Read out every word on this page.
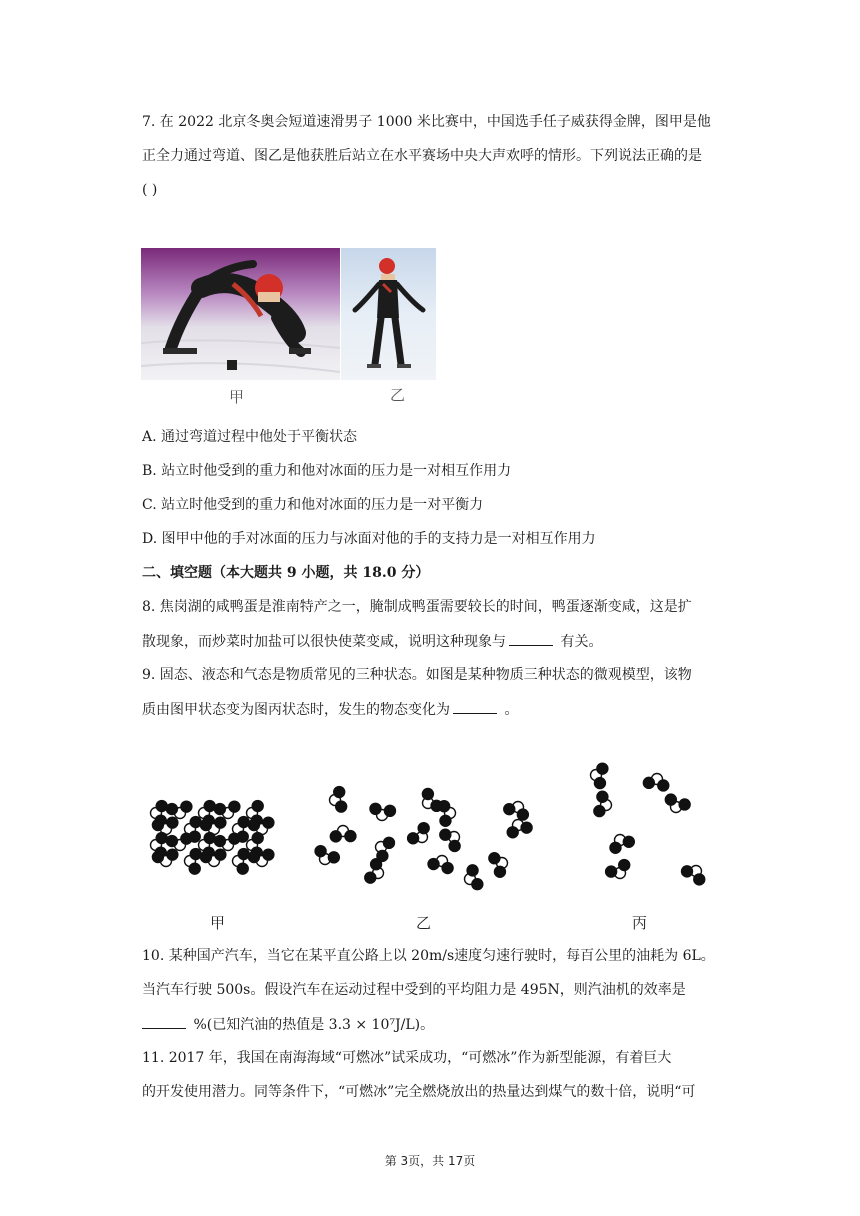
7. 在 2022 北京冬奥会短道速滑男子 1000 米比赛中，中国选手任子威获得金牌，图甲是他
正全力通过弯道、图乙是他获胜后站立在水平赛场中央大声欢呼的情形。下列说法正确的是
( )
甲	乙
A. 通过弯道过程中他处于平衡状态
B. 站立时他受到的重力和他对冰面的压力是一对相互作用力
C. 站立时他受到的重力和他对冰面的压力是一对平衡力
D. 图甲中他的手对冰面的压力与冰面对他的手的支持力是一对相互作用力
二、填空题（本大题共 9 小题，共 18.0 分）
8. 焦岗湖的咸鸭蛋是淮南特产之一，腌制成鸭蛋需要较长的时间，鸭蛋逐渐变咸，这是扩
散现象，而炒菜时加盐可以很快使菜变咸，说明这种现象与	有关。
9. 固态、液态和气态是物质常见的三种状态。如图是某种物质三种状态的微观模型，该物
质由图甲状态变为图丙状态时，发生的物态变化为	。
甲	乙	丙
10. 某种国产汽车，当它在某平直公路上以 20m/s速度匀速行驶时，每百公里的油耗为 6L。
当汽车行驶 500s。假设汽车在运动过程中受到的平均阻力是 495N，则汽油机的效率是
%(已知汽油的热值是 3.3 × 10⁷J/L)。
11. 2017 年，我国在南海海域“可燃冰”试采成功，“可燃冰”作为新型能源，有着巨大
的开发使用潜力。同等条件下，“可燃冰”完全燃烧放出的热量达到煤气的数十倍，说明“可
第 3页，共 17页
